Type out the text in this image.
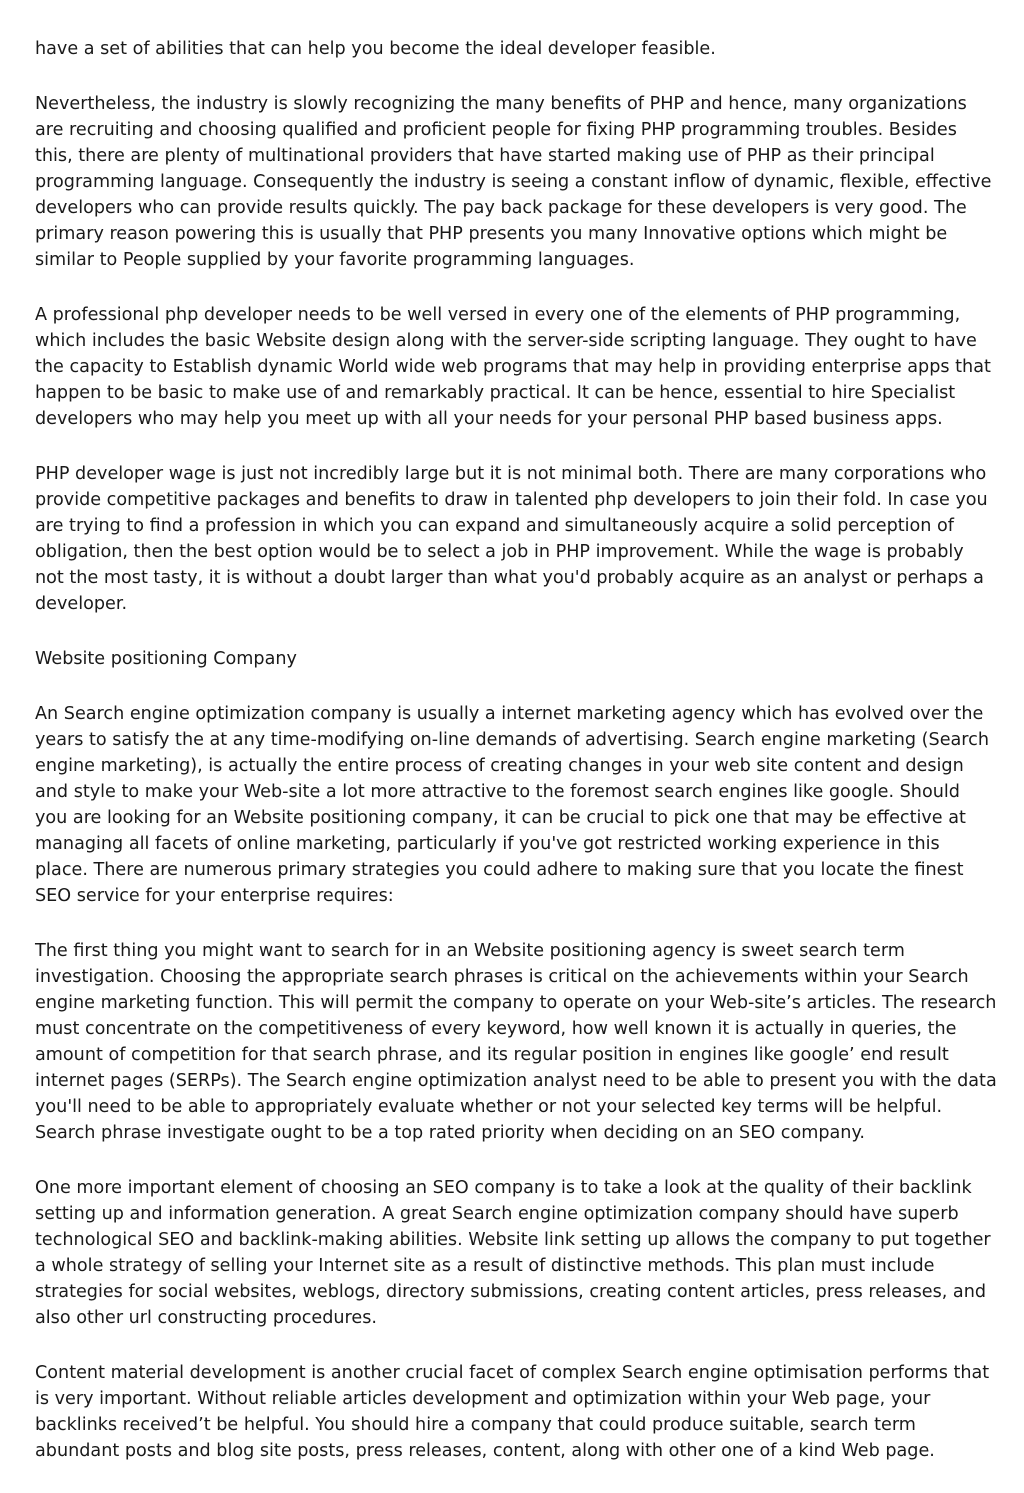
have a set of abilities that can help you become the ideal developer feasible.

Nevertheless, the industry is slowly recognizing the many benefits of PHP and hence, many organizations are recruiting and choosing qualified and proficient people for fixing PHP programming troubles. Besides this, there are plenty of multinational providers that have started making use of PHP as their principal programming language. Consequently the industry is seeing a constant inflow of dynamic, flexible, effective developers who can provide results quickly. The pay back package for these developers is very good. The primary reason powering this is usually that PHP presents you many Innovative options which might be similar to People supplied by your favorite programming languages.

A professional php developer needs to be well versed in every one of the elements of PHP programming, which includes the basic Website design along with the server-side scripting language. They ought to have the capacity to Establish dynamic World wide web programs that may help in providing enterprise apps that happen to be basic to make use of and remarkably practical. It can be hence, essential to hire Specialist developers who may help you meet up with all your needs for your personal PHP based business apps.

PHP developer wage is just not incredibly large but it is not minimal both. There are many corporations who provide competitive packages and benefits to draw in talented php developers to join their fold. In case you are trying to find a profession in which you can expand and simultaneously acquire a solid perception of obligation, then the best option would be to select a job in PHP improvement. While the wage is probably not the most tasty, it is without a doubt larger than what you'd probably acquire as an analyst or perhaps a developer.

Website positioning Company

An Search engine optimization company is usually a internet marketing agency which has evolved over the years to satisfy the at any time-modifying on-line demands of advertising. Search engine marketing (Search engine marketing), is actually the entire process of creating changes in your web site content and design and style to make your Web-site a lot more attractive to the foremost search engines like google. Should you are looking for an Website positioning company, it can be crucial to pick one that may be effective at managing all facets of online marketing, particularly if you've got restricted working experience in this place. There are numerous primary strategies you could adhere to making sure that you locate the finest SEO service for your enterprise requires:

The first thing you might want to search for in an Website positioning agency is sweet search term investigation. Choosing the appropriate search phrases is critical on the achievements within your Search engine marketing function. This will permit the company to operate on your Web-site’s articles. The research must concentrate on the competitiveness of every keyword, how well known it is actually in queries, the amount of competition for that search phrase, and its regular position in engines like google’ end result internet pages (SERPs). The Search engine optimization analyst need to be able to present you with the data you'll need to be able to appropriately evaluate whether or not your selected key terms will be helpful. Search phrase investigate ought to be a top rated priority when deciding on an SEO company.

One more important element of choosing an SEO company is to take a look at the quality of their backlink setting up and information generation. A great Search engine optimization company should have superb technological SEO and backlink-making abilities. Website link setting up allows the company to put together a whole strategy of selling your Internet site as a result of distinctive methods. This plan must include strategies for social websites, weblogs, directory submissions, creating content articles, press releases, and also other url constructing procedures.

Content material development is another crucial facet of complex Search engine optimisation performs that is very important. Without reliable articles development and optimization within your Web page, your backlinks received’t be helpful. You should hire a company that could produce suitable, search term abundant posts and blog site posts, press releases, content, along with other one of a kind Web page.
